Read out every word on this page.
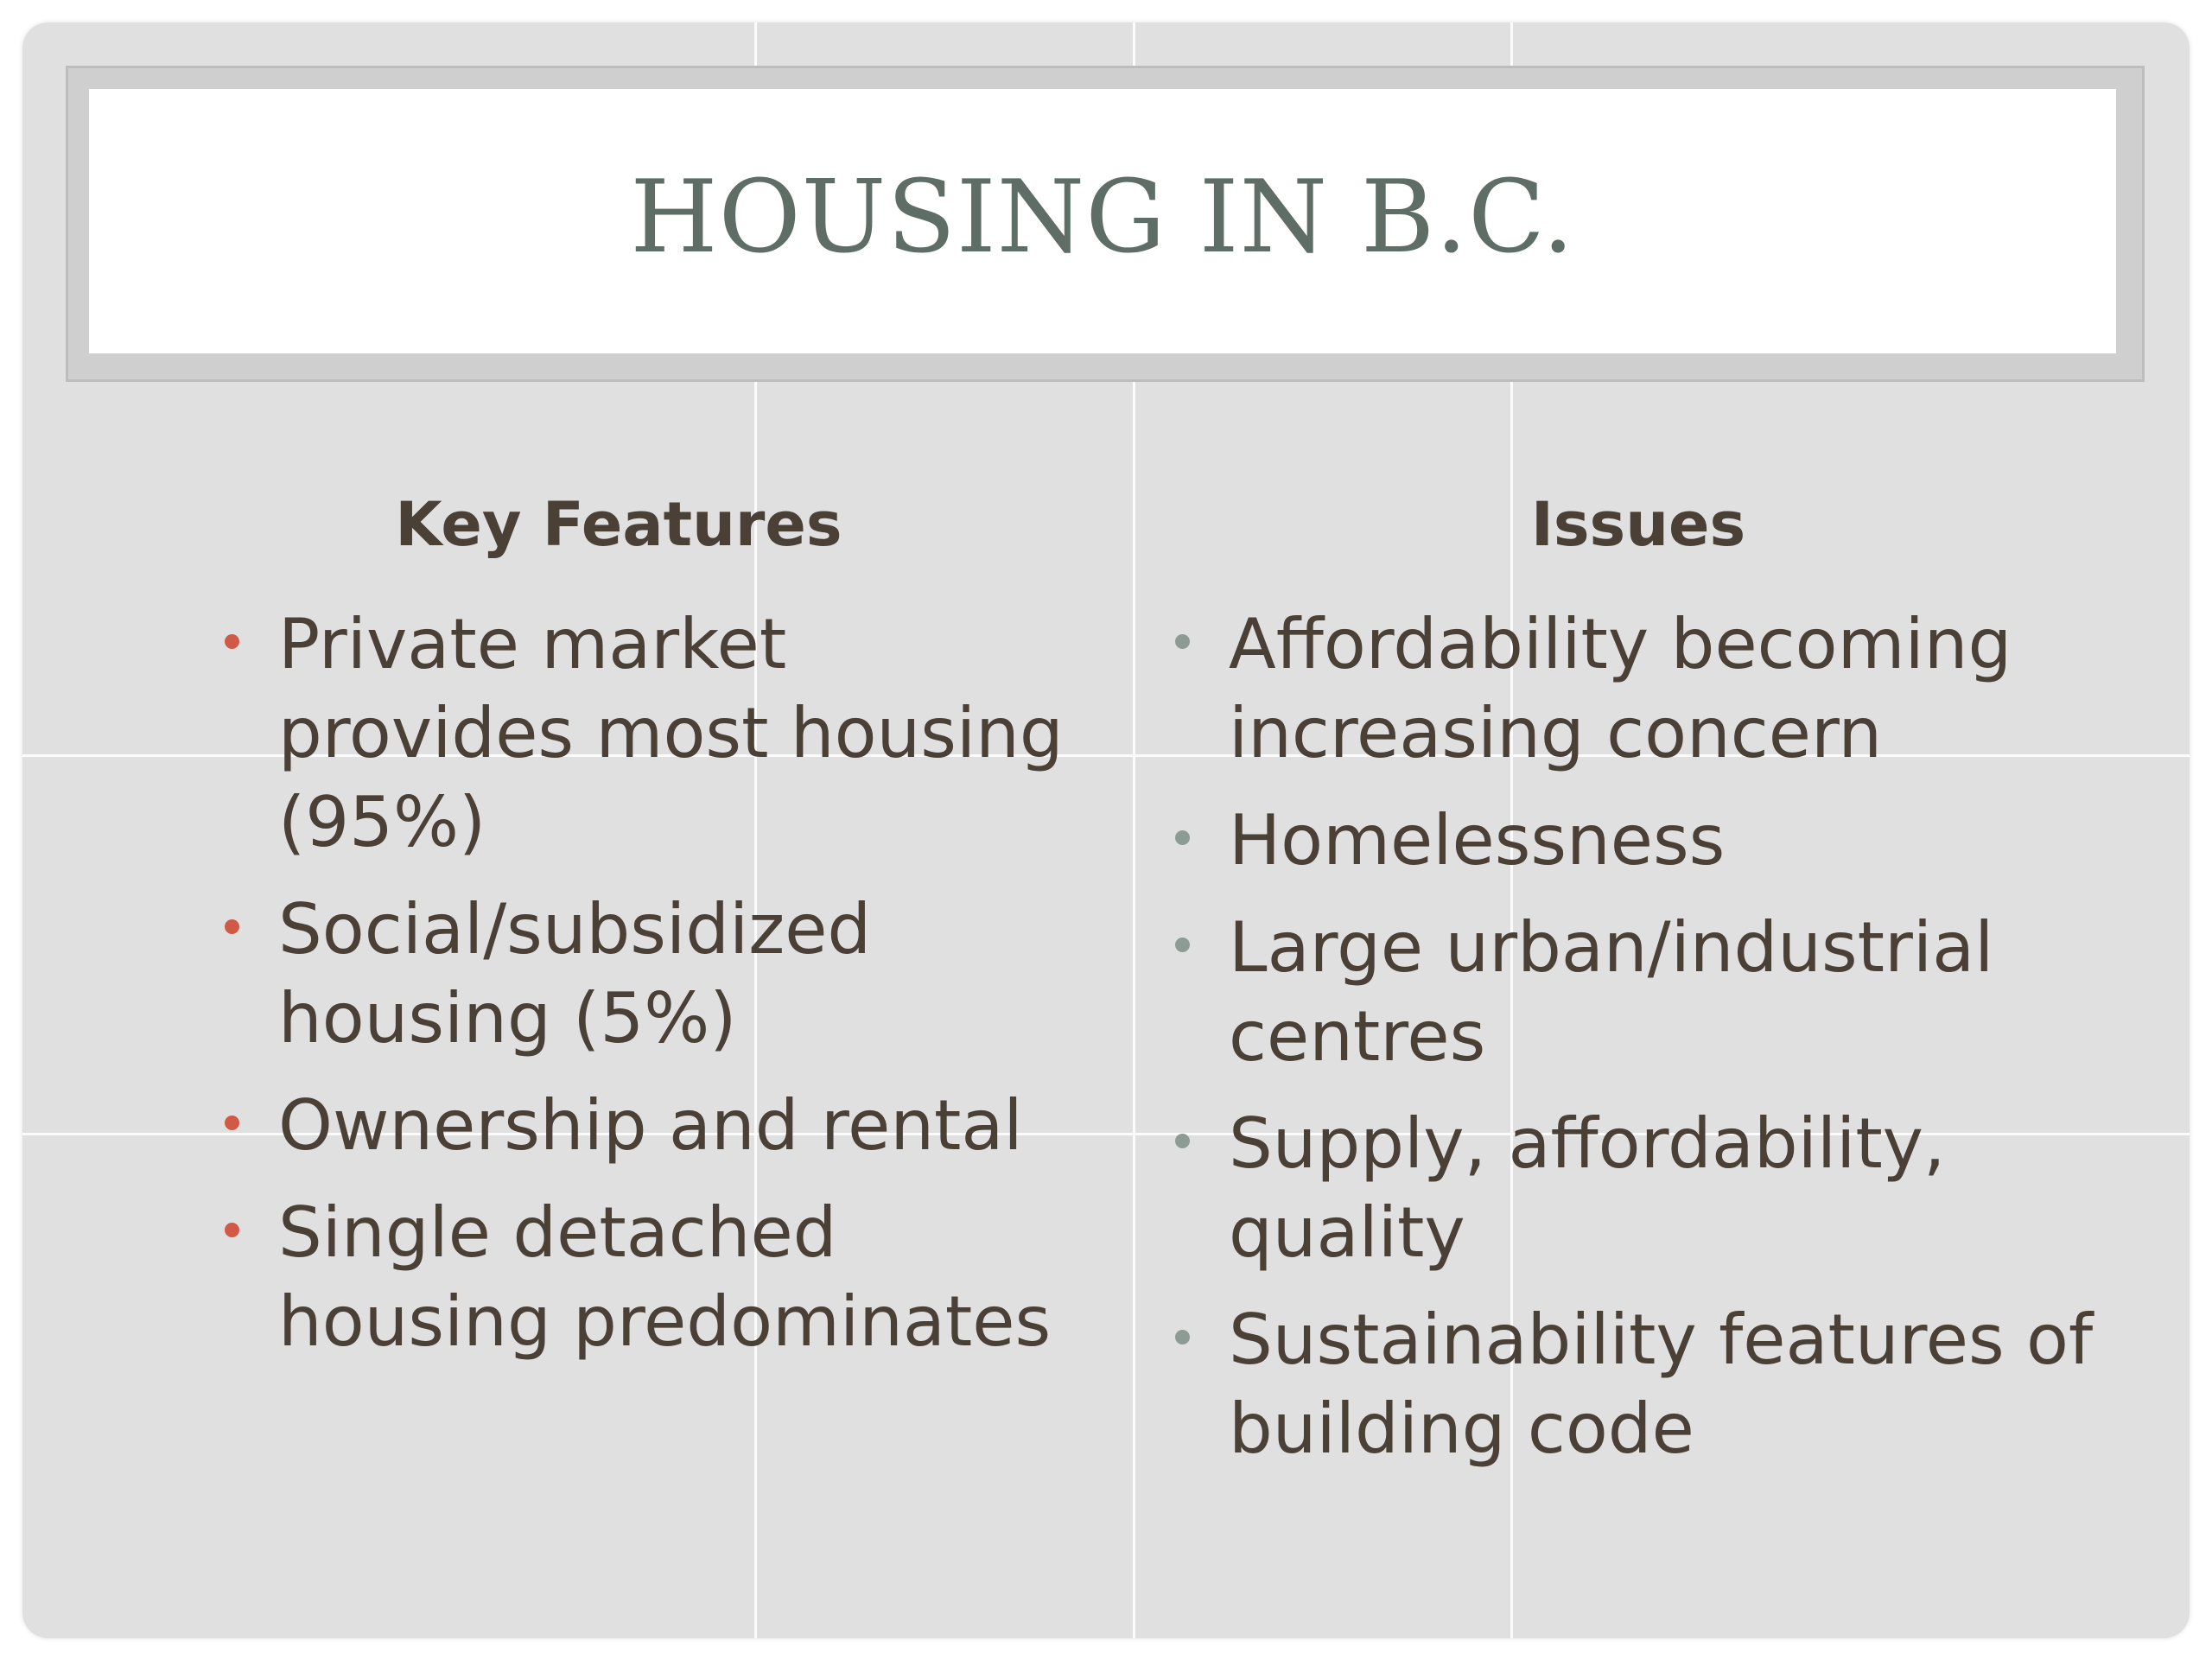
HOUSING IN B.C.
Key Features
Private market provides most housing (95%)
Social/subsidized housing (5%)
Ownership and rental
Single detached housing predominates
Issues
Affordability becoming increasing concern
Homelessness
Large urban/industrial centres
Supply, affordability, quality
Sustainability features of building code
